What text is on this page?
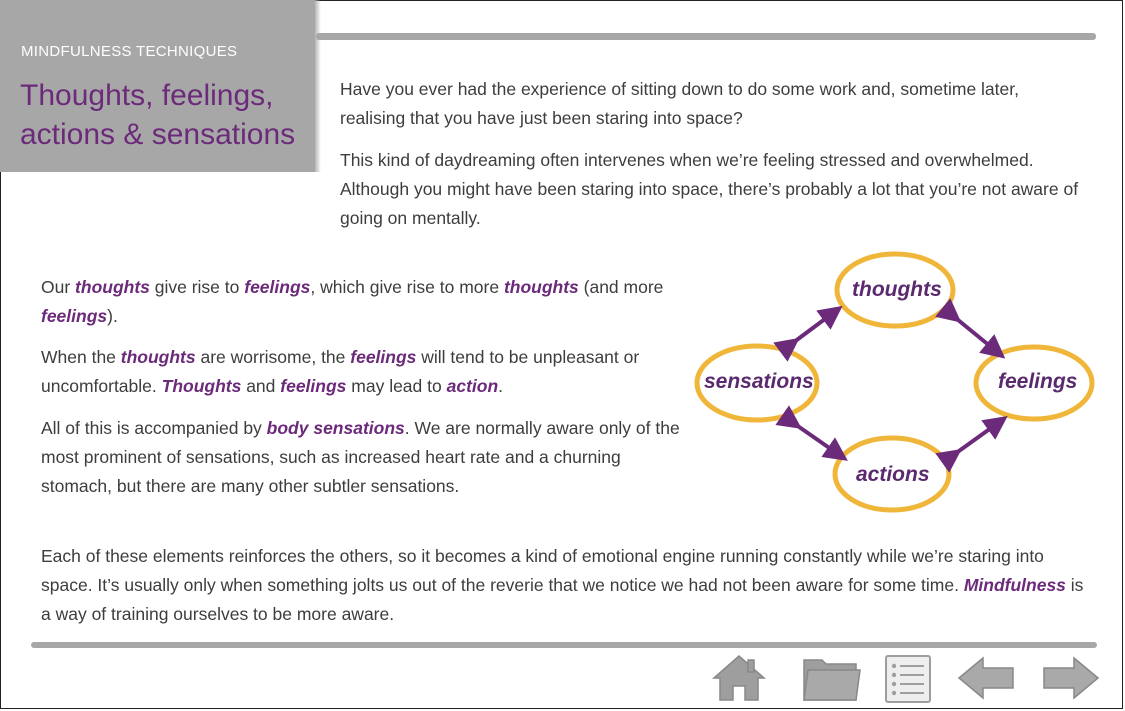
MINDFULNESS TECHNIQUES
Thoughts, feelings, actions & sensations

Have you ever had the experience of sitting down to do some work and, sometime later, realising that you have just been staring into space?

This kind of daydreaming often intervenes when we’re feeling stressed and overwhelmed. Although you might have been staring into space, there’s probably a lot that you’re not aware of going on mentally.

Our thoughts give rise to feelings, which give rise to more thoughts (and more feelings).

When the thoughts are worrisome, the feelings will tend to be unpleasant or uncomfortable. Thoughts and feelings may lead to action.

All of this is accompanied by body sensations. We are normally aware only of the most prominent of sensations, such as increased heart rate and a churning stomach, but there are many other subtler sensations.

thoughts
sensations	feelings
actions

Each of these elements reinforces the others, so it becomes a kind of emotional engine running constantly while we’re staring into space. It’s usually only when something jolts us out of the reverie that we notice we had not been aware for some time. Mindfulness is a way of training ourselves to be more aware.
